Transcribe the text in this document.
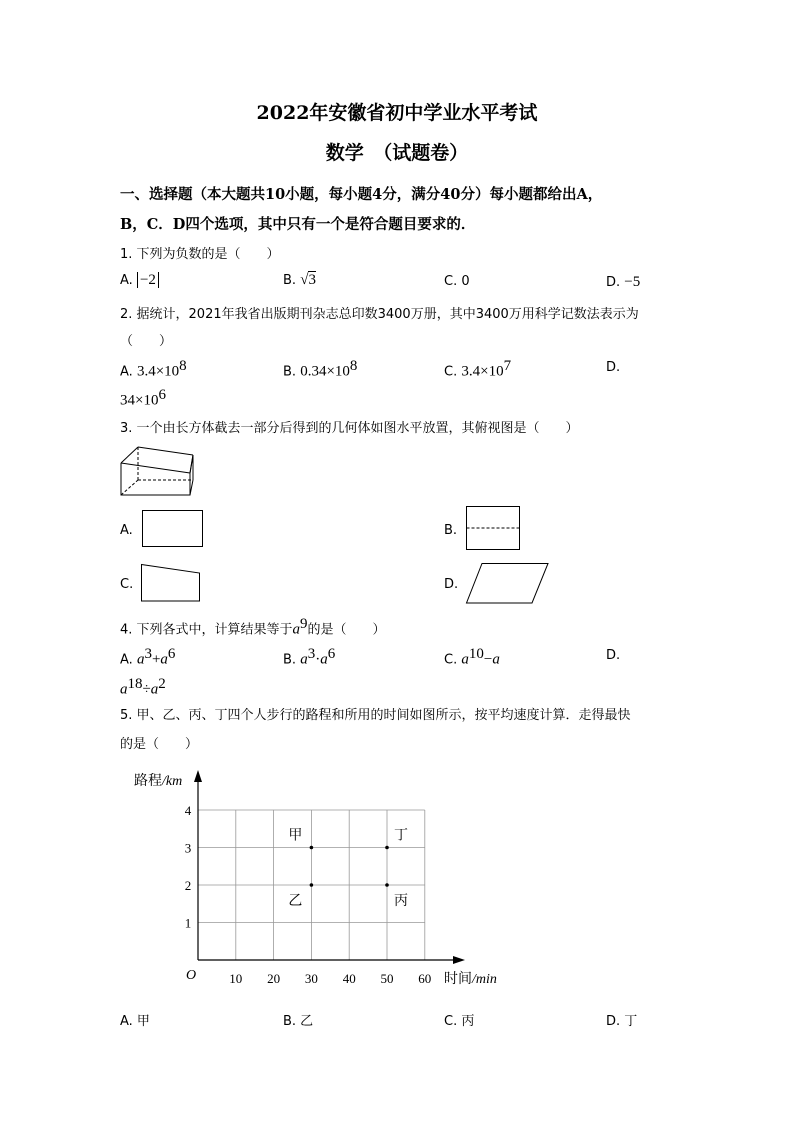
2022年安徽省初中学业水平考试
数学　（试题卷）
一、选择题（本大题共10小题，每小题4分，满分40分）每小题都给出A，
B，C．D四个选项，其中只有一个是符合题目要求的．
1. 下列为负数的是（　　）
A. −2	B. √3	C. 0	D. −5
2. 据统计，2021年我省出版期刊杂志总印数3400万册，其中3400万用科学记数法表示为
（　　）
A. $3.4\times 10^8$	B. $0.34\times 10^8$	C. $3.4\times 10^7$	D.
$34\times 10^6$
3. 一个由长方体截去一部分后得到的几何体如图水平放置，其俯视图是（　　）
A.	B.
C.	D.
4. 下列各式中，计算结果等于$a^9$的是（　　）
A. $a^3+a^6$	B. $a^3\cdot a^6$	C. $a^{10}-a$	D.
$a^{18}\div a^2$
5. 甲、乙、丙、丁四个人步行的路程和所用的时间如图所示，按平均速度计算．走得最快
的是（　　）
10 20 30 40 50 60
1
2
3
4
甲
乙	丙
丁
路程 /km
时间 /min
O
A. 甲	B. 乙	C. 丙	D. 丁
